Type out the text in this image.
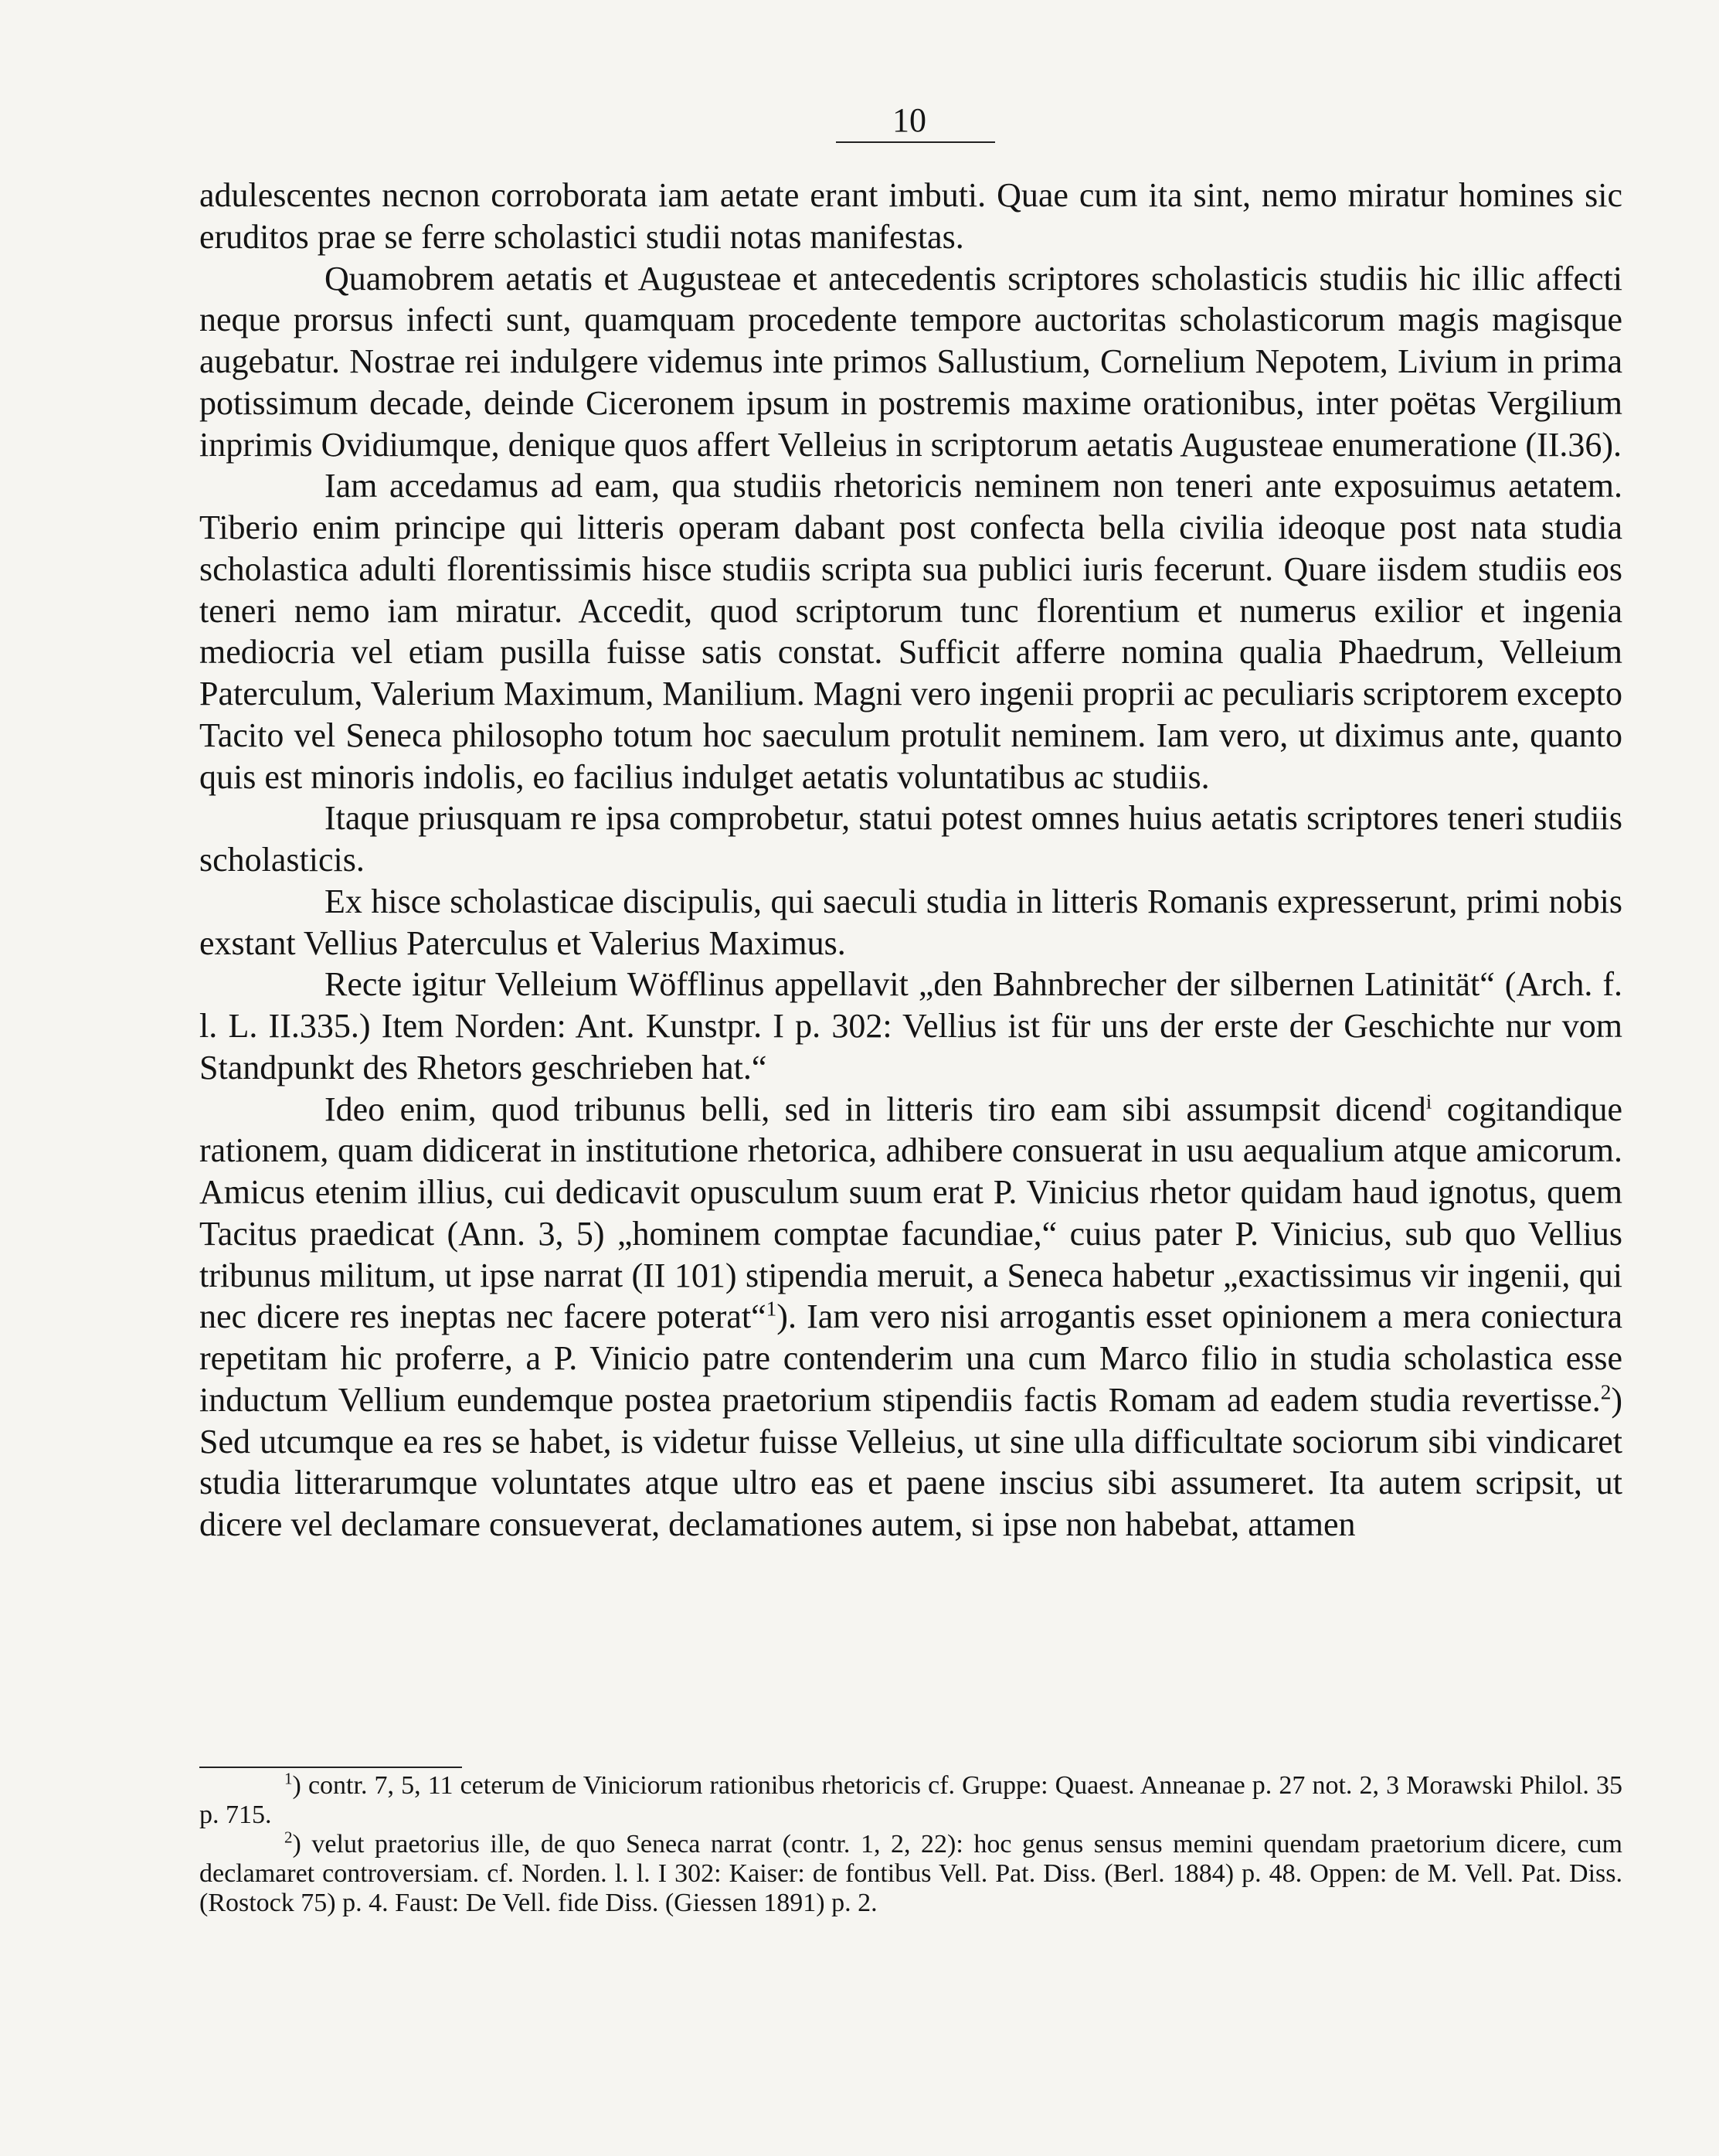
10

adulescentes necnon corroborata iam aetate erant imbuti. Quae cum ita sint, nemo miratur homines sic eruditos prae se ferre scholastici studii notas manifestas.

Quamobrem aetatis et Augusteae et antecedentis scriptores scholasticis studiis hic illic affecti neque prorsus infecti sunt, quamquam procedente tempore auctoritas scholasticorum magis magisque augebatur. Nostrae rei indulgere videmus inte primos Sallustium, Cornelium Nepotem, Livium in prima potissimum decade, deinde Ciceronem ipsum in postremis maxime orationibus, inter poëtas Vergilium inprimis Ovidiumque, denique quos affert Velleius in scriptorum aetatis Augusteae enumeratione (II.36).

Iam accedamus ad eam, qua studiis rhetoricis neminem non teneri ante exposuimus aetatem. Tiberio enim principe qui litteris operam dabant post confecta bella civilia ideoque post nata studia scholastica adulti florentissimis hisce studiis scripta sua publici iuris fecerunt. Quare iisdem studiis eos teneri nemo iam miratur. Accedit, quod scriptorum tunc florentium et numerus exilior et ingenia mediocria vel etiam pusilla fuisse satis constat. Sufficit afferre nomina qualia Phaedrum, Velleium Paterculum, Valerium Maximum, Manilium. Magni vero ingenii proprii ac peculiaris scriptorem excepto Tacito vel Seneca philosopho totum hoc saeculum protulit neminem. Iam vero, ut diximus ante, quanto quis est minoris indolis, eo facilius indulget aetatis voluntatibus ac studiis.

Itaque priusquam re ipsa comprobetur, statui potest omnes huius aetatis scriptores teneri studiis scholasticis.

Ex hisce scholasticae discipulis, qui saeculi studia in litteris Romanis expresserunt, primi nobis exstant Vellius Paterculus et Valerius Maximus.

Recte igitur Velleium Wöfflinus appellavit „den Bahnbrecher der silbernen Latinität“ (Arch. f. l. L. II.335.) Item Norden: Ant. Kunstpr. I p. 302: Vellius ist für uns der erste der Geschichte nur vom Standpunkt des Rhetors geschrieben hat.“

Ideo enim, quod tribunus belli, sed in litteris tiro eam sibi assumpsit dicend$^i$ cogitandique rationem, quam didicerat in institutione rhetorica, adhibere consuerat in usu aequalium atque amicorum. Amicus etenim illius, cui dedicavit opusculum suum erat P. Vinicius rhetor quidam haud ignotus, quem Tacitus praedicat (Ann. 3, 5) „hominem comptae facundiae,“ cuius pater P. Vinicius, sub quo Vellius tribunus militum, ut ipse narrat (II 101) stipendia meruit, a Seneca habetur „exactissimus vir ingenii, qui nec dicere res ineptas nec facere poterat“$^1$). Iam vero nisi arrogantis esset opinionem a mera coniectura repetitam hic proferre, a P. Vinicio patre contenderim una cum Marco filio in studia scholastica esse inductum Vellium eundemque postea praetorium stipendiis factis Romam ad eadem studia revertisse.$^2$) Sed utcumque ea res se habet, is videtur fuisse Velleius, ut sine ulla difficultate sociorum sibi vindicaret studia litterarumque voluntates atque ultro eas et paene inscius sibi assumeret. Ita autem scripsit, ut dicere vel declamare consueverat, declamationes autem, si ipse non habebat, attamen

$^1$) contr. 7, 5, 11 ceterum de Viniciorum rationibus rhetoricis cf. Gruppe: Quaest. Anneanae p. 27 not. 2, 3 Morawski Philol. 35 p. 715.

$^2$) velut praetorius ille, de quo Seneca narrat (contr. 1, 2, 22): hoc genus sensus memini quendam praetorium dicere, cum declamaret controversiam. cf. Norden. l. l. I 302: Kaiser: de fontibus Vell. Pat. Diss. (Berl. 1884) p. 48. Oppen: de M. Vell. Pat. Diss. (Rostock 75) p. 4. Faust: De Vell. fide Diss. (Giessen 1891) p. 2.
